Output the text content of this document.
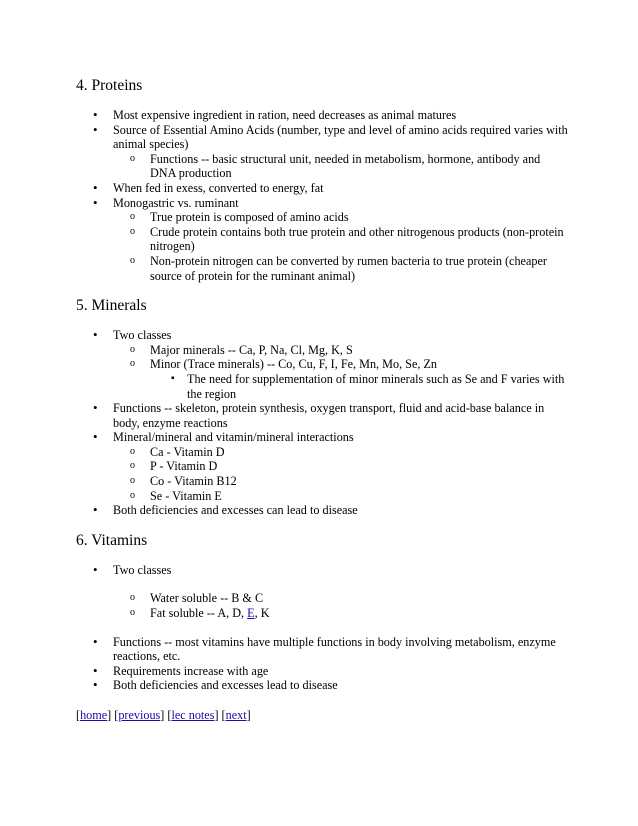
4. Proteins
• Most expensive ingredient in ration, need decreases as animal matures
• Source of Essential Amino Acids (number, type and level of amino acids required varies with animal species)
o Functions -- basic structural unit, needed in metabolism, hormone, antibody and DNA production
• When fed in exess, converted to energy, fat
• Monogastric vs. ruminant
o True protein is composed of amino acids
o Crude protein contains both true protein and other nitrogenous products (non-protein nitrogen)
o Non-protein nitrogen can be converted by rumen bacteria to true protein (cheaper source of protein for the ruminant animal)
5. Minerals
• Two classes
o Major minerals -- Ca, P, Na, Cl, Mg, K, S
o Minor (Trace minerals) -- Co, Cu, F, I, Fe, Mn, Mo, Se, Zn
▪ The need for supplementation of minor minerals such as Se and F varies with the region
• Functions -- skeleton, protein synthesis, oxygen transport, fluid and acid-base balance in body, enzyme reactions
• Mineral/mineral and vitamin/mineral interactions
o Ca - Vitamin D
o P - Vitamin D
o Co - Vitamin B12
o Se - Vitamin E
• Both deficiencies and excesses can lead to disease
6. Vitamins
• Two classes
o Water soluble -- B & C
o Fat soluble -- A, D, E, K
• Functions -- most vitamins have multiple functions in body involving metabolism, enzyme reactions, etc.
• Requirements increase with age
• Both deficiencies and excesses lead to disease
[home] [previous] [lec notes] [next]
